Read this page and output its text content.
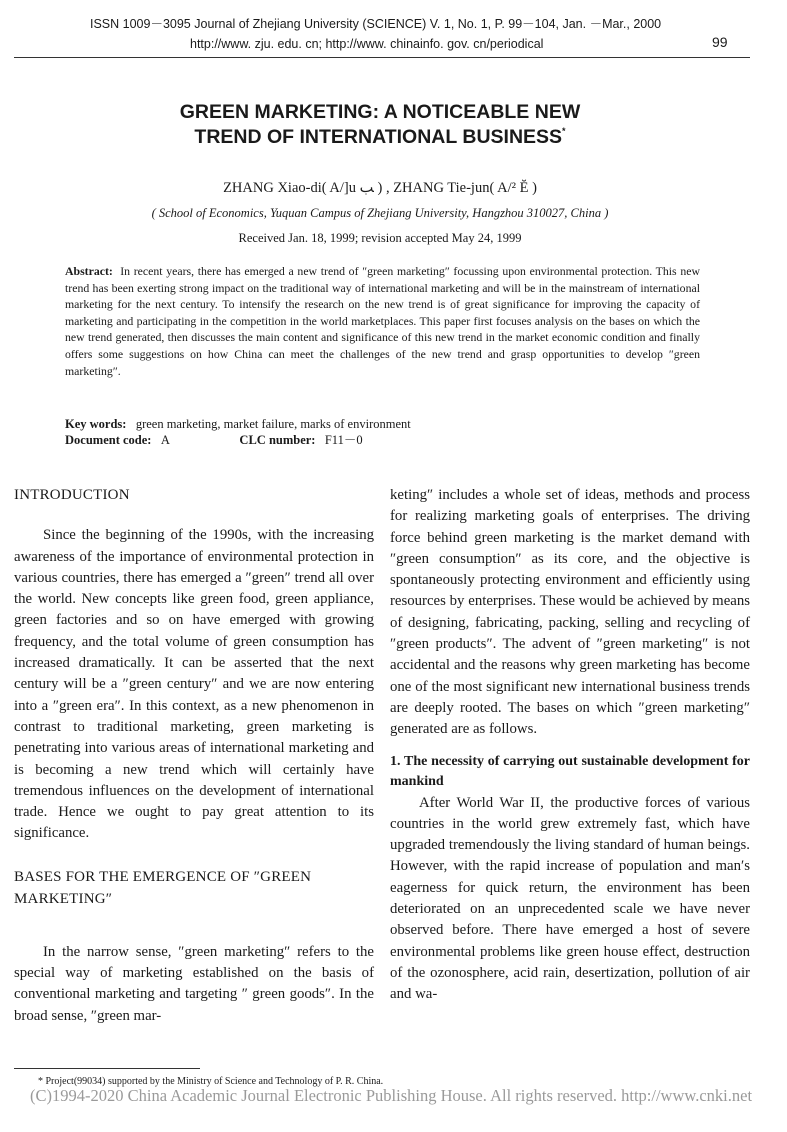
ISSN 1009－3095 Journal of Zhejiang University (SCIENCE) V. 1, No. 1, P. 99－104, Jan. －Mar., 2000
http://www. zju. edu. cn; http://www. chinainfo. gov. cn/periodical	99
GREEN MARKETING: A NOTICEABLE NEW
TREND OF INTERNATIONAL BUSINESS*
ZHANG Xiao-di( A/]u ﺐ ) , ZHANG Tie-jun( A/² Ĕ )
( School of Economics, Yuquan Campus of Zhejiang University, Hangzhou 310027, China )
Received Jan. 18, 1999; revision accepted May 24, 1999
Abstract: In recent years, there has emerged a new trend of ″green marketing″ focussing upon environmental protection. This new trend has been exerting strong impact on the traditional way of international marketing and will be in the mainstream of international marketing for the next century. To intensify the research on the new trend is of great significance for improving the capacity of marketing and participating in the competition in the world marketplaces. This paper first focuses analysis on the bases on which the new trend generated, then discusses the main content and significance of this new trend in the market economic condition and finally offers some suggestions on how China can meet the challenges of the new trend and grasp opportunities to develop ″green marketing″.
Key words: green marketing, market failure, marks of environment
Document code: A	CLC number: F11－0
INTRODUCTION
Since the beginning of the 1990s, with the increasing awareness of the importance of environmental protection in various countries, there has emerged a ″green″ trend all over the world. New concepts like green food, green appliance, green factories and so on have emerged with growing frequency, and the total volume of green consumption has increased dramatically. It can be asserted that the next century will be a ″green century″ and we are now entering into a ″green era″. In this context, as a new phenomenon in contrast to traditional marketing, green marketing is penetrating into various areas of international marketing and is becoming a new trend which will certainly have tremendous influences on the development of international trade. Hence we ought to pay great attention to its significance.
BASES FOR THE EMERGENCE OF ″GREEN MARKETING″
In the narrow sense, ″green marketing″ refers to the special way of marketing established on the basis of conventional marketing and targeting ″ green goods″. In the broad sense, ″green mar-
keting″ includes a whole set of ideas, methods and process for realizing marketing goals of enterprises. The driving force behind green marketing is the market demand with ″green consumption″ as its core, and the objective is spontaneously protecting environment and efficiently using resources by enterprises. These would be achieved by means of designing, fabricating, packing, selling and recycling of ″green products″. The advent of ″green marketing″ is not accidental and the reasons why green marketing has become one of the most significant new international business trends are deeply rooted. The bases on which ″green marketing″ generated are as follows.
1. The necessity of carrying out sustainable development for mankind
After World War II, the productive forces of various countries in the world grew extremely fast, which have upgraded tremendously the living standard of human beings. However, with the rapid increase of population and man′s eagerness for quick return, the environment has been deteriorated on an unprecedented scale we have never observed before. There have emerged a host of severe environmental problems like green house effect, destruction of the ozonosphere, acid rain, desertization, pollution of air and wa-
* Project(99034) supported by the Ministry of Science and Technology of P. R. China.
(C)1994-2020 China Academic Journal Electronic Publishing House. All rights reserved. http://www.cnki.net
